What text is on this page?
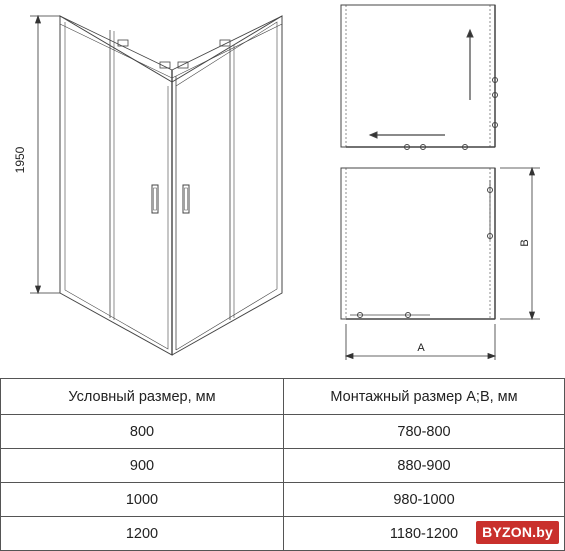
1950
A
B
Условный размер, мм	Монтажный размер A;B, мм
800	780-800
900	880-900
1000	980-1000
1200	1180-1200	BYZON.by
